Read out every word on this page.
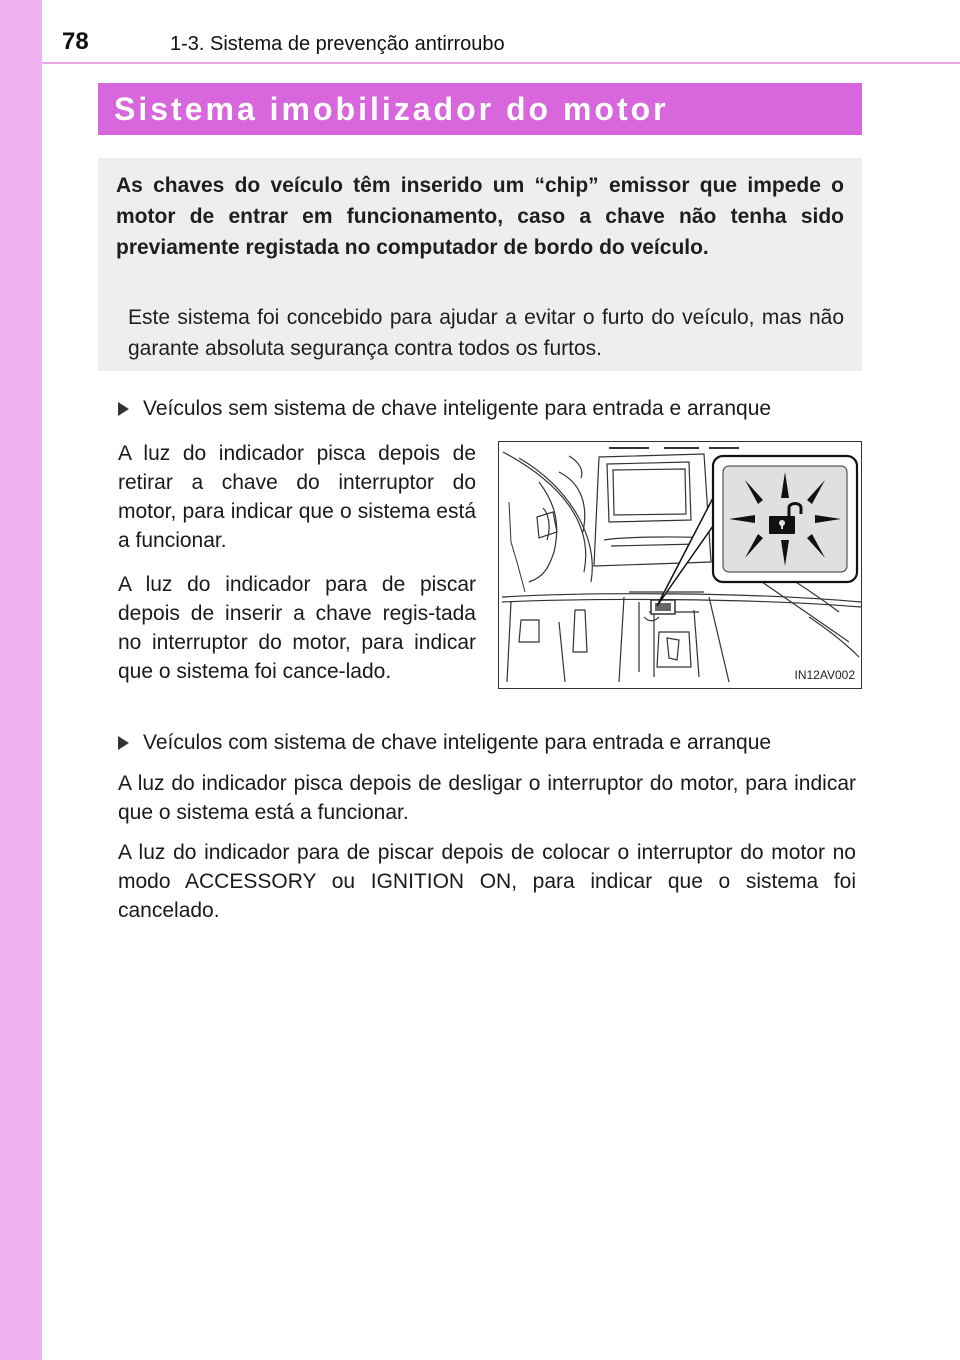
78	1-3. Sistema de prevenção antirroubo
Sistema imobilizador do motor

As chaves do veículo têm inserido um “chip” emissor que impede o motor de entrar em funcionamento, caso a chave não tenha sido previamente registada no computador de bordo do veículo.

Este sistema foi concebido para ajudar a evitar o furto do veículo, mas não garante absoluta segurança contra todos os furtos.

Veículos sem sistema de chave inteligente para entrada e arranque

A luz do indicador pisca depois de retirar a chave do interruptor do motor, para indicar que o sistema está a funcionar.

A luz do indicador para de piscar depois de inserir a chave regis-tada no interruptor do motor, para indicar que o sistema foi cance-lado.	IN12AV002
Veículos com sistema de chave inteligente para entrada e arranque

A luz do indicador pisca depois de desligar o interruptor do motor, para indicar que o sistema está a funcionar.

A luz do indicador para de piscar depois de colocar o interruptor do motor no modo ACCESSORY ou IGNITION ON, para indicar que o sistema foi cancelado.
